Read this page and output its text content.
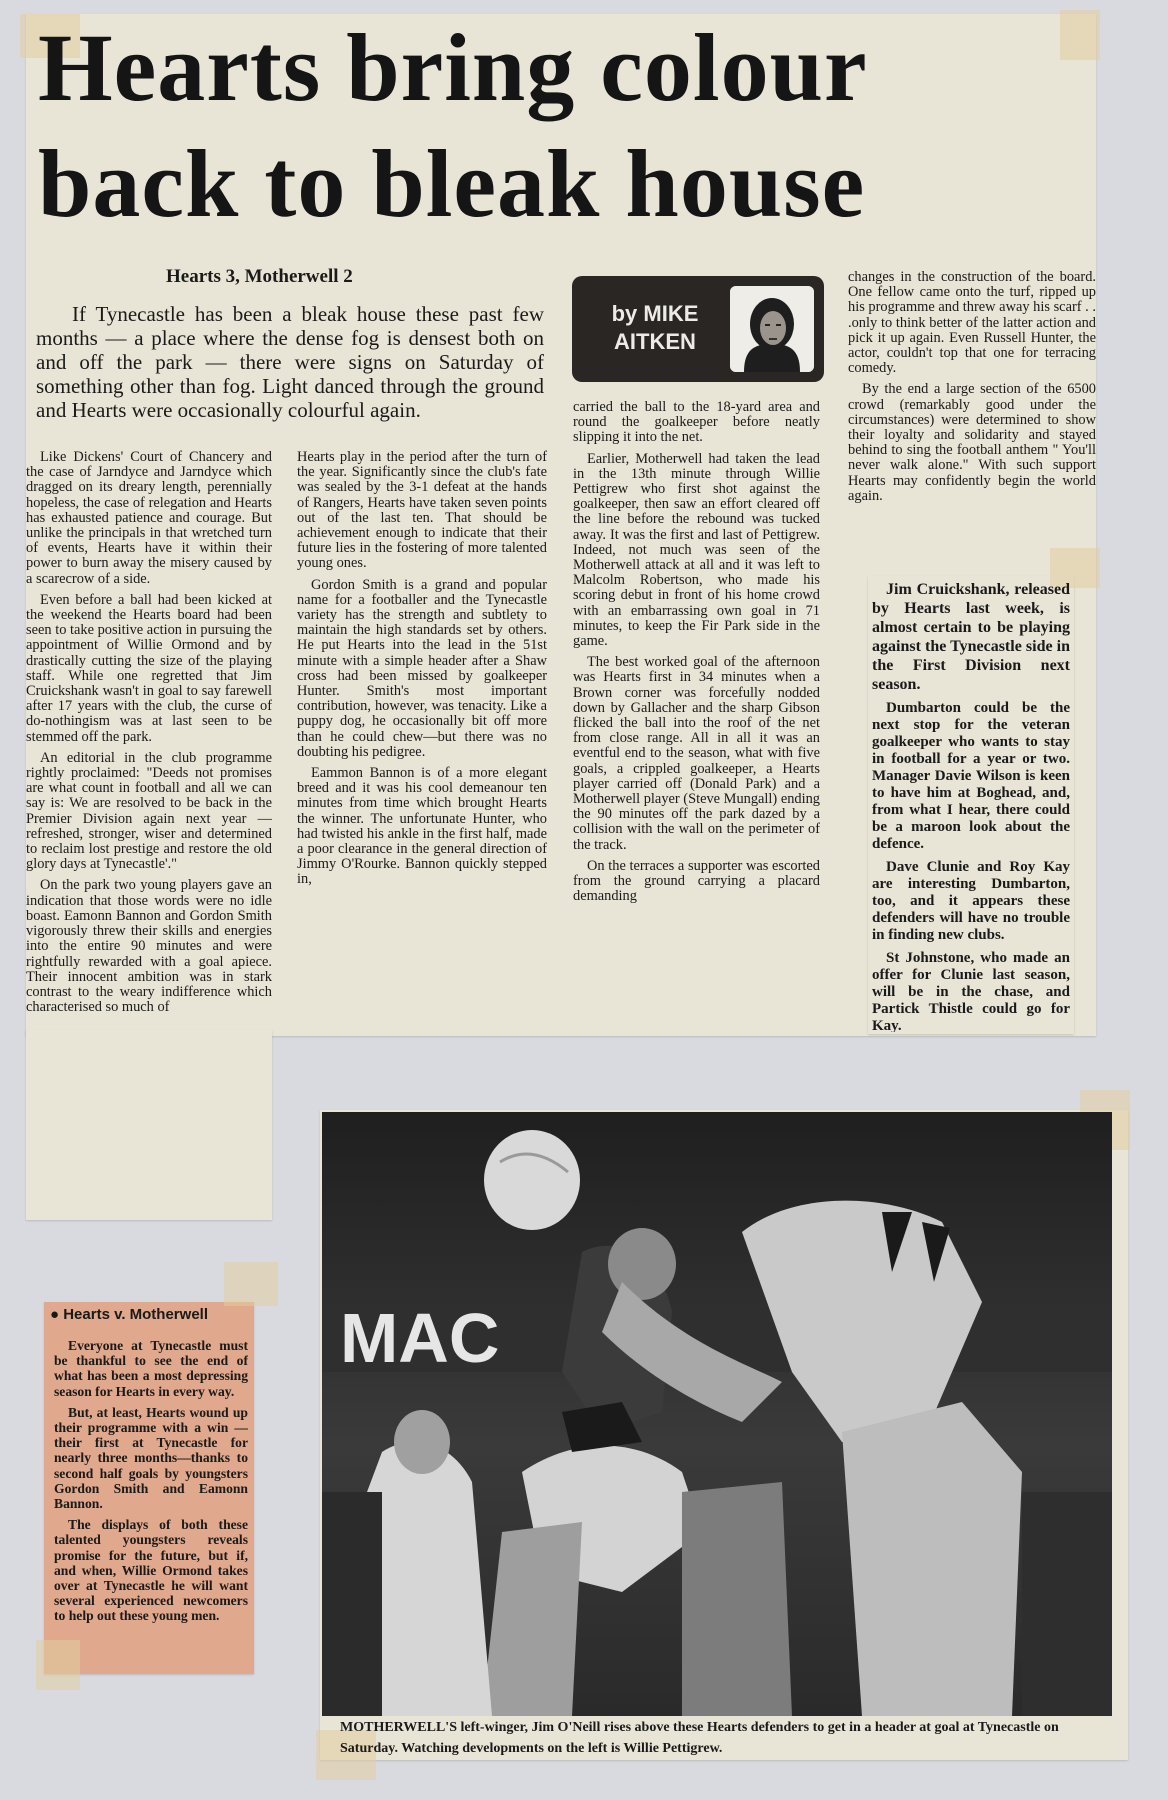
Hearts bring colour back to bleak house
Hearts 3, Motherwell 2

If Tynecastle has been a bleak house these past few months — a place where the dense fog is densest both on and off the park — there were signs on Saturday of something other than fog. Light danced through the ground and Hearts were occasionally colourful again.

by MIKE AITKEN

Like Dickens' Court of Chancery and the case of Jarndyce and Jarndyce which dragged on its dreary length, perennially hopeless, the case of relegation and Hearts has exhausted patience and courage. But unlike the principals in that wretched turn of events, Hearts have it within their power to burn away the misery caused by a scarecrow of a side.

Even before a ball had been kicked at the weekend the Hearts board had been seen to take positive action in pursuing the appointment of Willie Ormond and by drastically cutting the size of the playing staff. While one regretted that Jim Cruickshank wasn't in goal to say farewell after 17 years with the club, the curse of do-nothingism was at last seen to be stemmed off the park.

An editorial in the club programme rightly proclaimed: "Deeds not promises are what count in football and all we can say is: We are resolved to be back in the Premier Division again next year — refreshed, stronger, wiser and determined to reclaim lost prestige and restore the old glory days at Tynecastle'."

On the park two young players gave an indication that those words were no idle boast. Eamonn Bannon and Gordon Smith vigorously threw their skills and energies into the entire 90 minutes and were rightfully rewarded with a goal apiece. Their innocent ambition was in stark contrast to the weary indifference which characterised so much of

Hearts play in the period after the turn of the year. Significantly since the club's fate was sealed by the 3-1 defeat at the hands of Rangers, Hearts have taken seven points out of the last ten. That should be achievement enough to indicate that their future lies in the fostering of more talented young ones.

Gordon Smith is a grand and popular name for a footballer and the Tynecastle variety has the strength and subtlety to maintain the high standards set by others. He put Hearts into the lead in the 51st minute with a simple header after a Shaw cross had been missed by goalkeeper Hunter. Smith's most important contribution, however, was tenacity. Like a puppy dog, he occasionally bit off more than he could chew—but there was no doubting his pedigree.

Eammon Bannon is of a more elegant breed and it was his cool demeanour ten minutes from time which brought Hearts the winner. The unfortunate Hunter, who had twisted his ankle in the first half, made a poor clearance in the general direction of Jimmy O'Rourke. Bannon quickly stepped in,

carried the ball to the 18-yard area and round the goalkeeper before neatly slipping it into the net.

Earlier, Motherwell had taken the lead in the 13th minute through Willie Pettigrew who first shot against the goalkeeper, then saw an effort cleared off the line before the rebound was tucked away. It was the first and last of Pettigrew. Indeed, not much was seen of the Motherwell attack at all and it was left to Malcolm Robertson, who made his scoring debut in front of his home crowd with an embarrassing own goal in 71 minutes, to keep the Fir Park side in the game.

The best worked goal of the afternoon was Hearts first in 34 minutes when a Brown corner was forcefully nodded down by Gallacher and the sharp Gibson flicked the ball into the roof of the net from close range. All in all it was an eventful end to the season, what with five goals, a crippled goalkeeper, a Hearts player carried off (Donald Park) and a Motherwell player (Steve Mungall) ending the 90 minutes off the park dazed by a collision with the wall on the perimeter of the track.

On the terraces a supporter was escorted from the ground carrying a placard demanding

changes in the construction of the board. One fellow came onto the turf, ripped up his programme and threw away his scarf . . .only to think better of the latter action and pick it up again. Even Russell Hunter, the actor, couldn't top that one for terracing comedy.

By the end a large section of the 6500 crowd (remarkably good under the circumstances) were determined to show their loyalty and solidarity and stayed behind to sing the football anthem " You'll never walk alone." With such support Hearts may confidently begin the world again.

Jim Cruickshank, released by Hearts last week, is almost certain to be playing against the Tynecastle side in the First Division next season.

Dumbarton could be the next stop for the veteran goalkeeper who wants to stay in football for a year or two. Manager Davie Wilson is keen to have him at Boghead, and, from what I hear, there could be a maroon look about the defence.

Dave Clunie and Roy Kay are interesting Dumbarton, too, and it appears these defenders will have no trouble in finding new clubs.

St Johnstone, who made an offer for Clunie last season, will be in the chase, and Partick Thistle could go for Kay.

● Hearts v. Motherwell

Everyone at Tynecastle must be thankful to see the end of what has been a most depressing season for Hearts in every way.

But, at least, Hearts wound up their programme with a win — their first at Tynecastle for nearly three months—thanks to second half goals by youngsters Gordon Smith and Eamonn Bannon.

The displays of both these talented youngsters reveals promise for the future, but if, and when, Willie Ormond takes over at Tynecastle he will want several experienced newcomers to help out these young men.

MAC
MOTHERWELL'S left-winger, Jim O'Neill rises above these Hearts defenders to get in a header at goal at Tynecastle on Saturday. Watching developments on the left is Willie Pettigrew.
